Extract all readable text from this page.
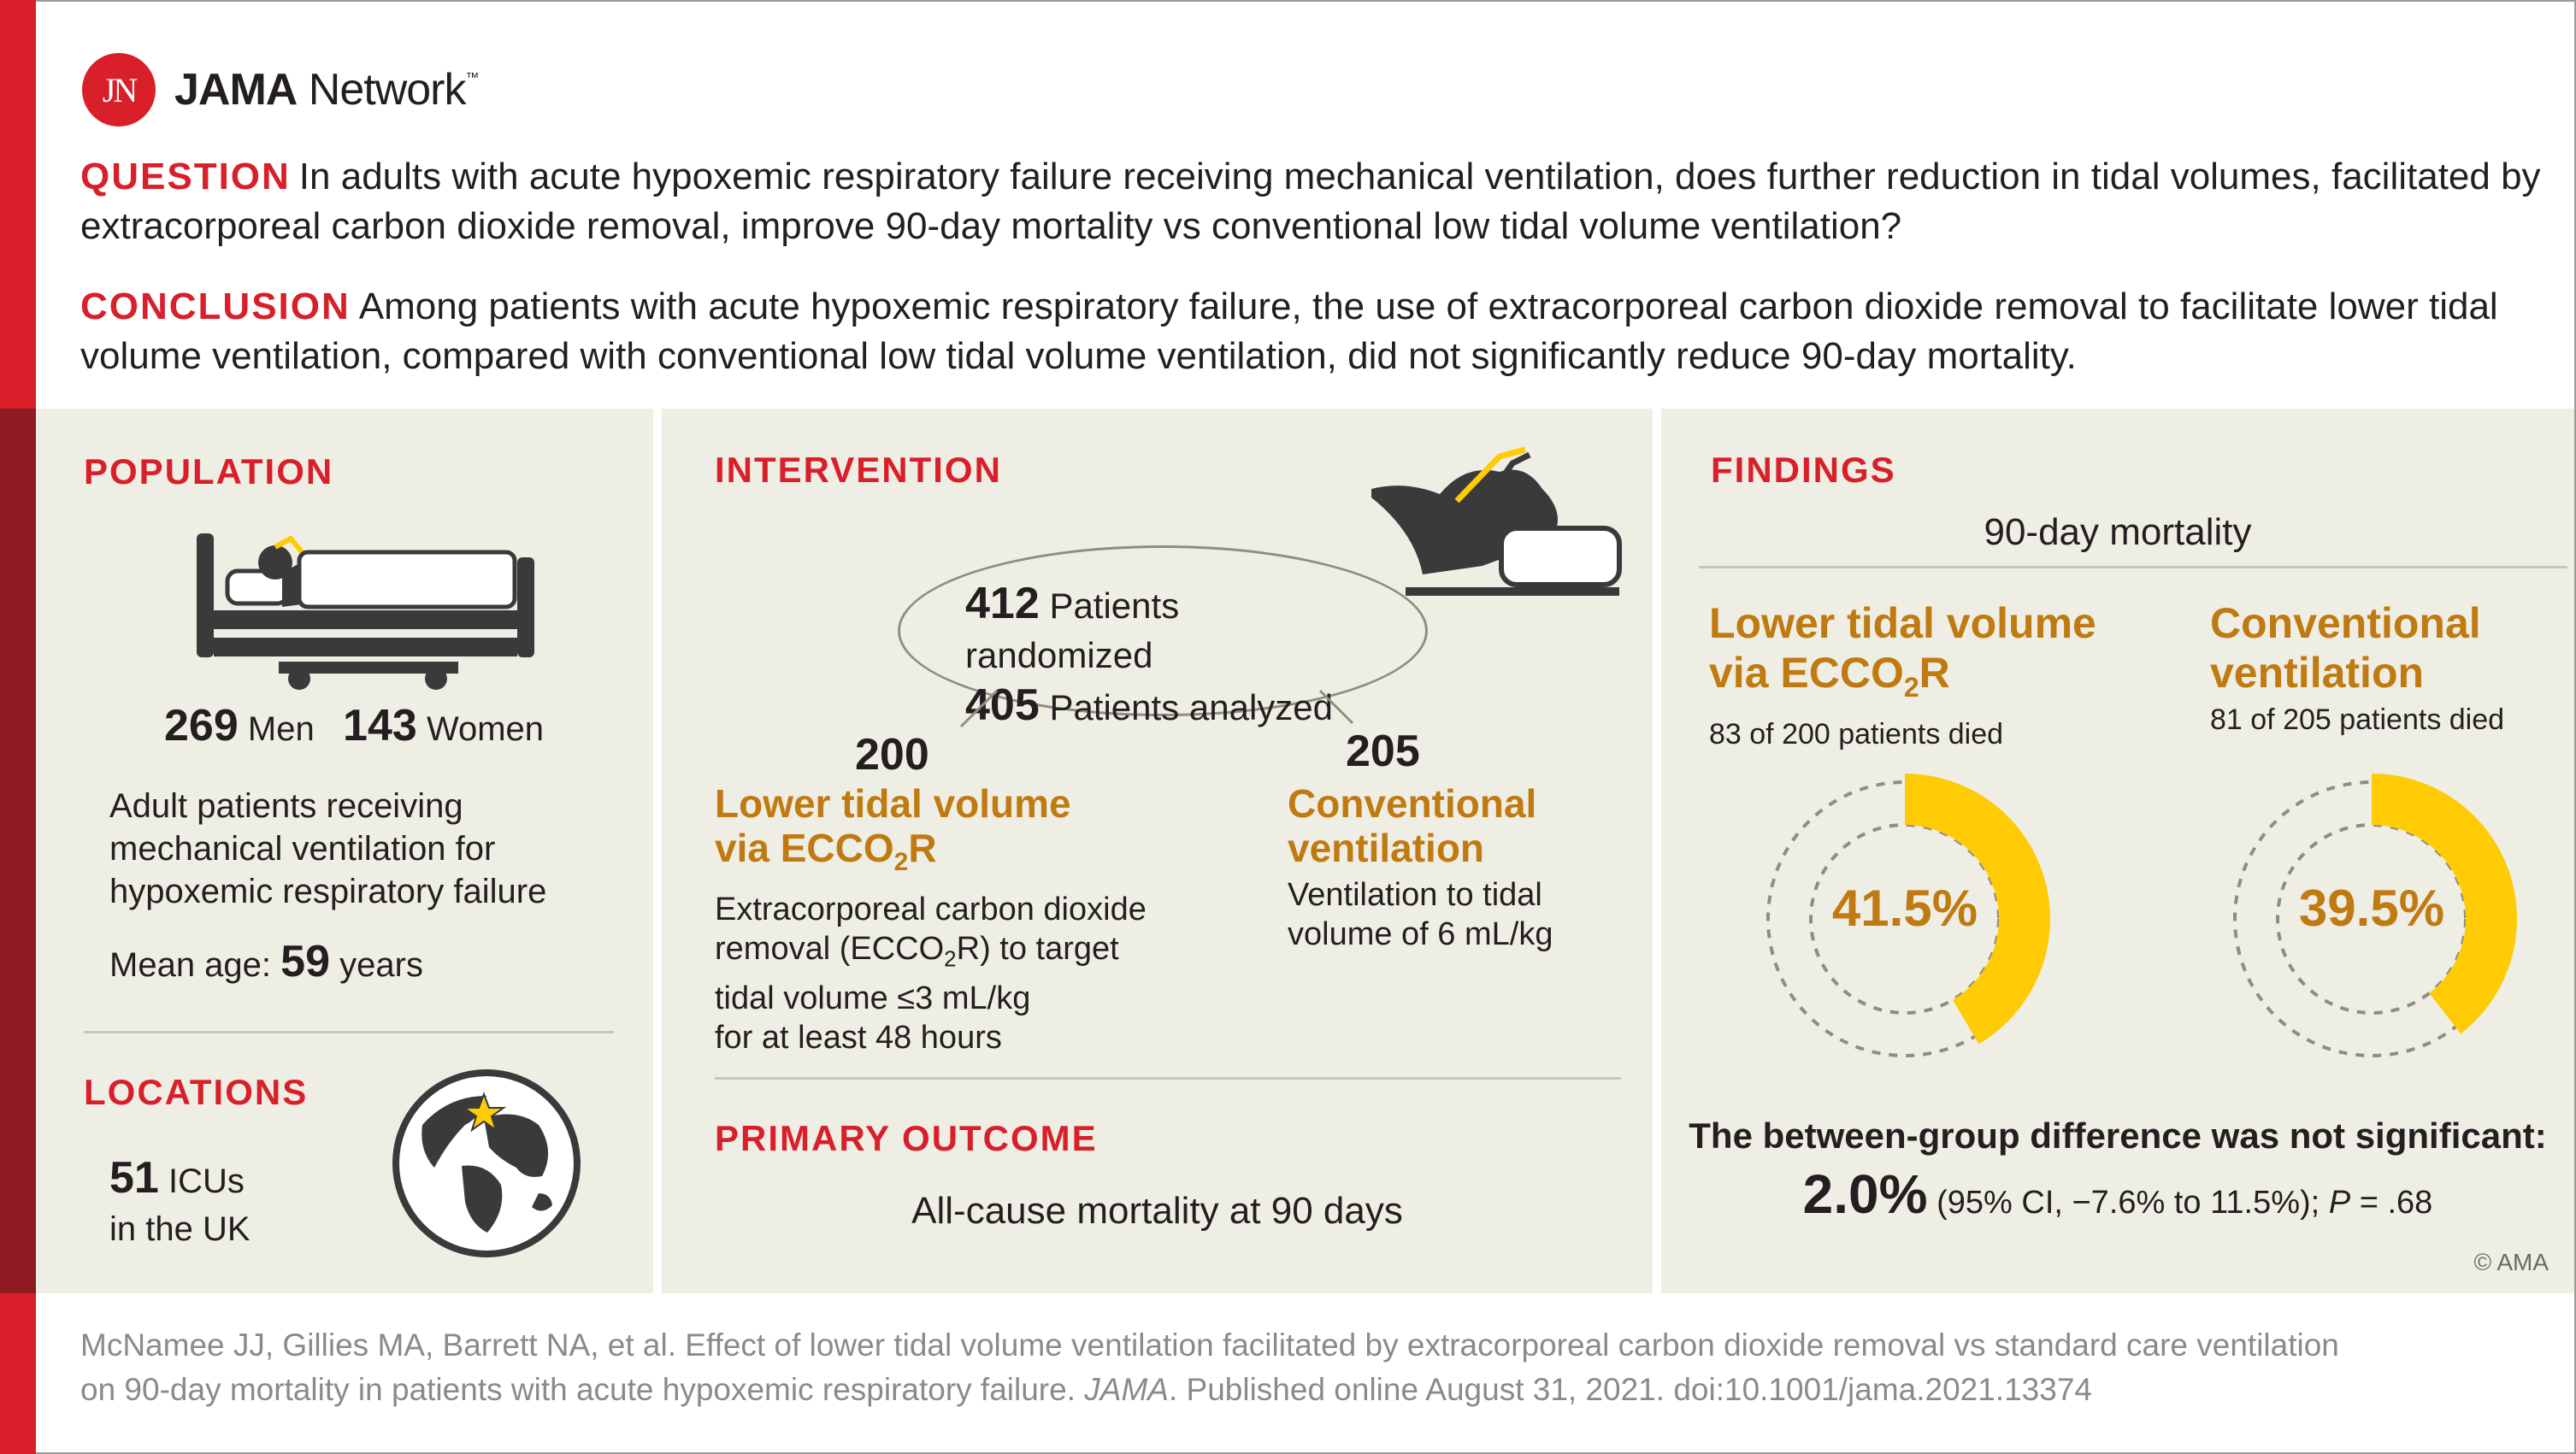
JN JAMA Network™
QUESTION In adults with acute hypoxemic respiratory failure receiving mechanical ventilation, does further reduction in tidal volumes, facilitated by extracorporeal carbon dioxide removal, improve 90-day mortality vs conventional low tidal volume ventilation?
CONCLUSION Among patients with acute hypoxemic respiratory failure, the use of extracorporeal carbon dioxide removal to facilitate lower tidal volume ventilation, compared with conventional low tidal volume ventilation, did not significantly reduce 90-day mortality.
POPULATION
269 Men 143 Women
Adult patients receiving
mechanical ventilation for
hypoxemic respiratory failure
Mean age: 59 years
LOCATIONS
51 ICUs
in the UK
INTERVENTION
412 Patients randomized
405 Patients analyzed
200
Lower tidal volume
via $ECCO_2R$
Extracorporeal carbon dioxide
removal $(ECCO_2R)$ to target
tidal volume ≤3 mL/kg
for at least 48 hours
205
Conventional
ventilation
Ventilation to tidal
volume of 6 mL/kg
PRIMARY OUTCOME
All-cause mortality at 90 days
FINDINGS
90-day mortality
Lower tidal volume
via $ECCO_2R$
83 of 200 patients died
Conventional
ventilation
81 of 205 patients died
41.5%	39.5%
The between-group difference was not significant:
2.0% (95% CI, −7.6% to 11.5%); P = .68
© AMA
McNamee JJ, Gillies MA, Barrett NA, et al. Effect of lower tidal volume ventilation facilitated by extracorporeal carbon dioxide removal vs standard care ventilation
on 90-day mortality in patients with acute hypoxemic respiratory failure. JAMA. Published online August 31, 2021. doi:10.1001/jama.2021.13374
